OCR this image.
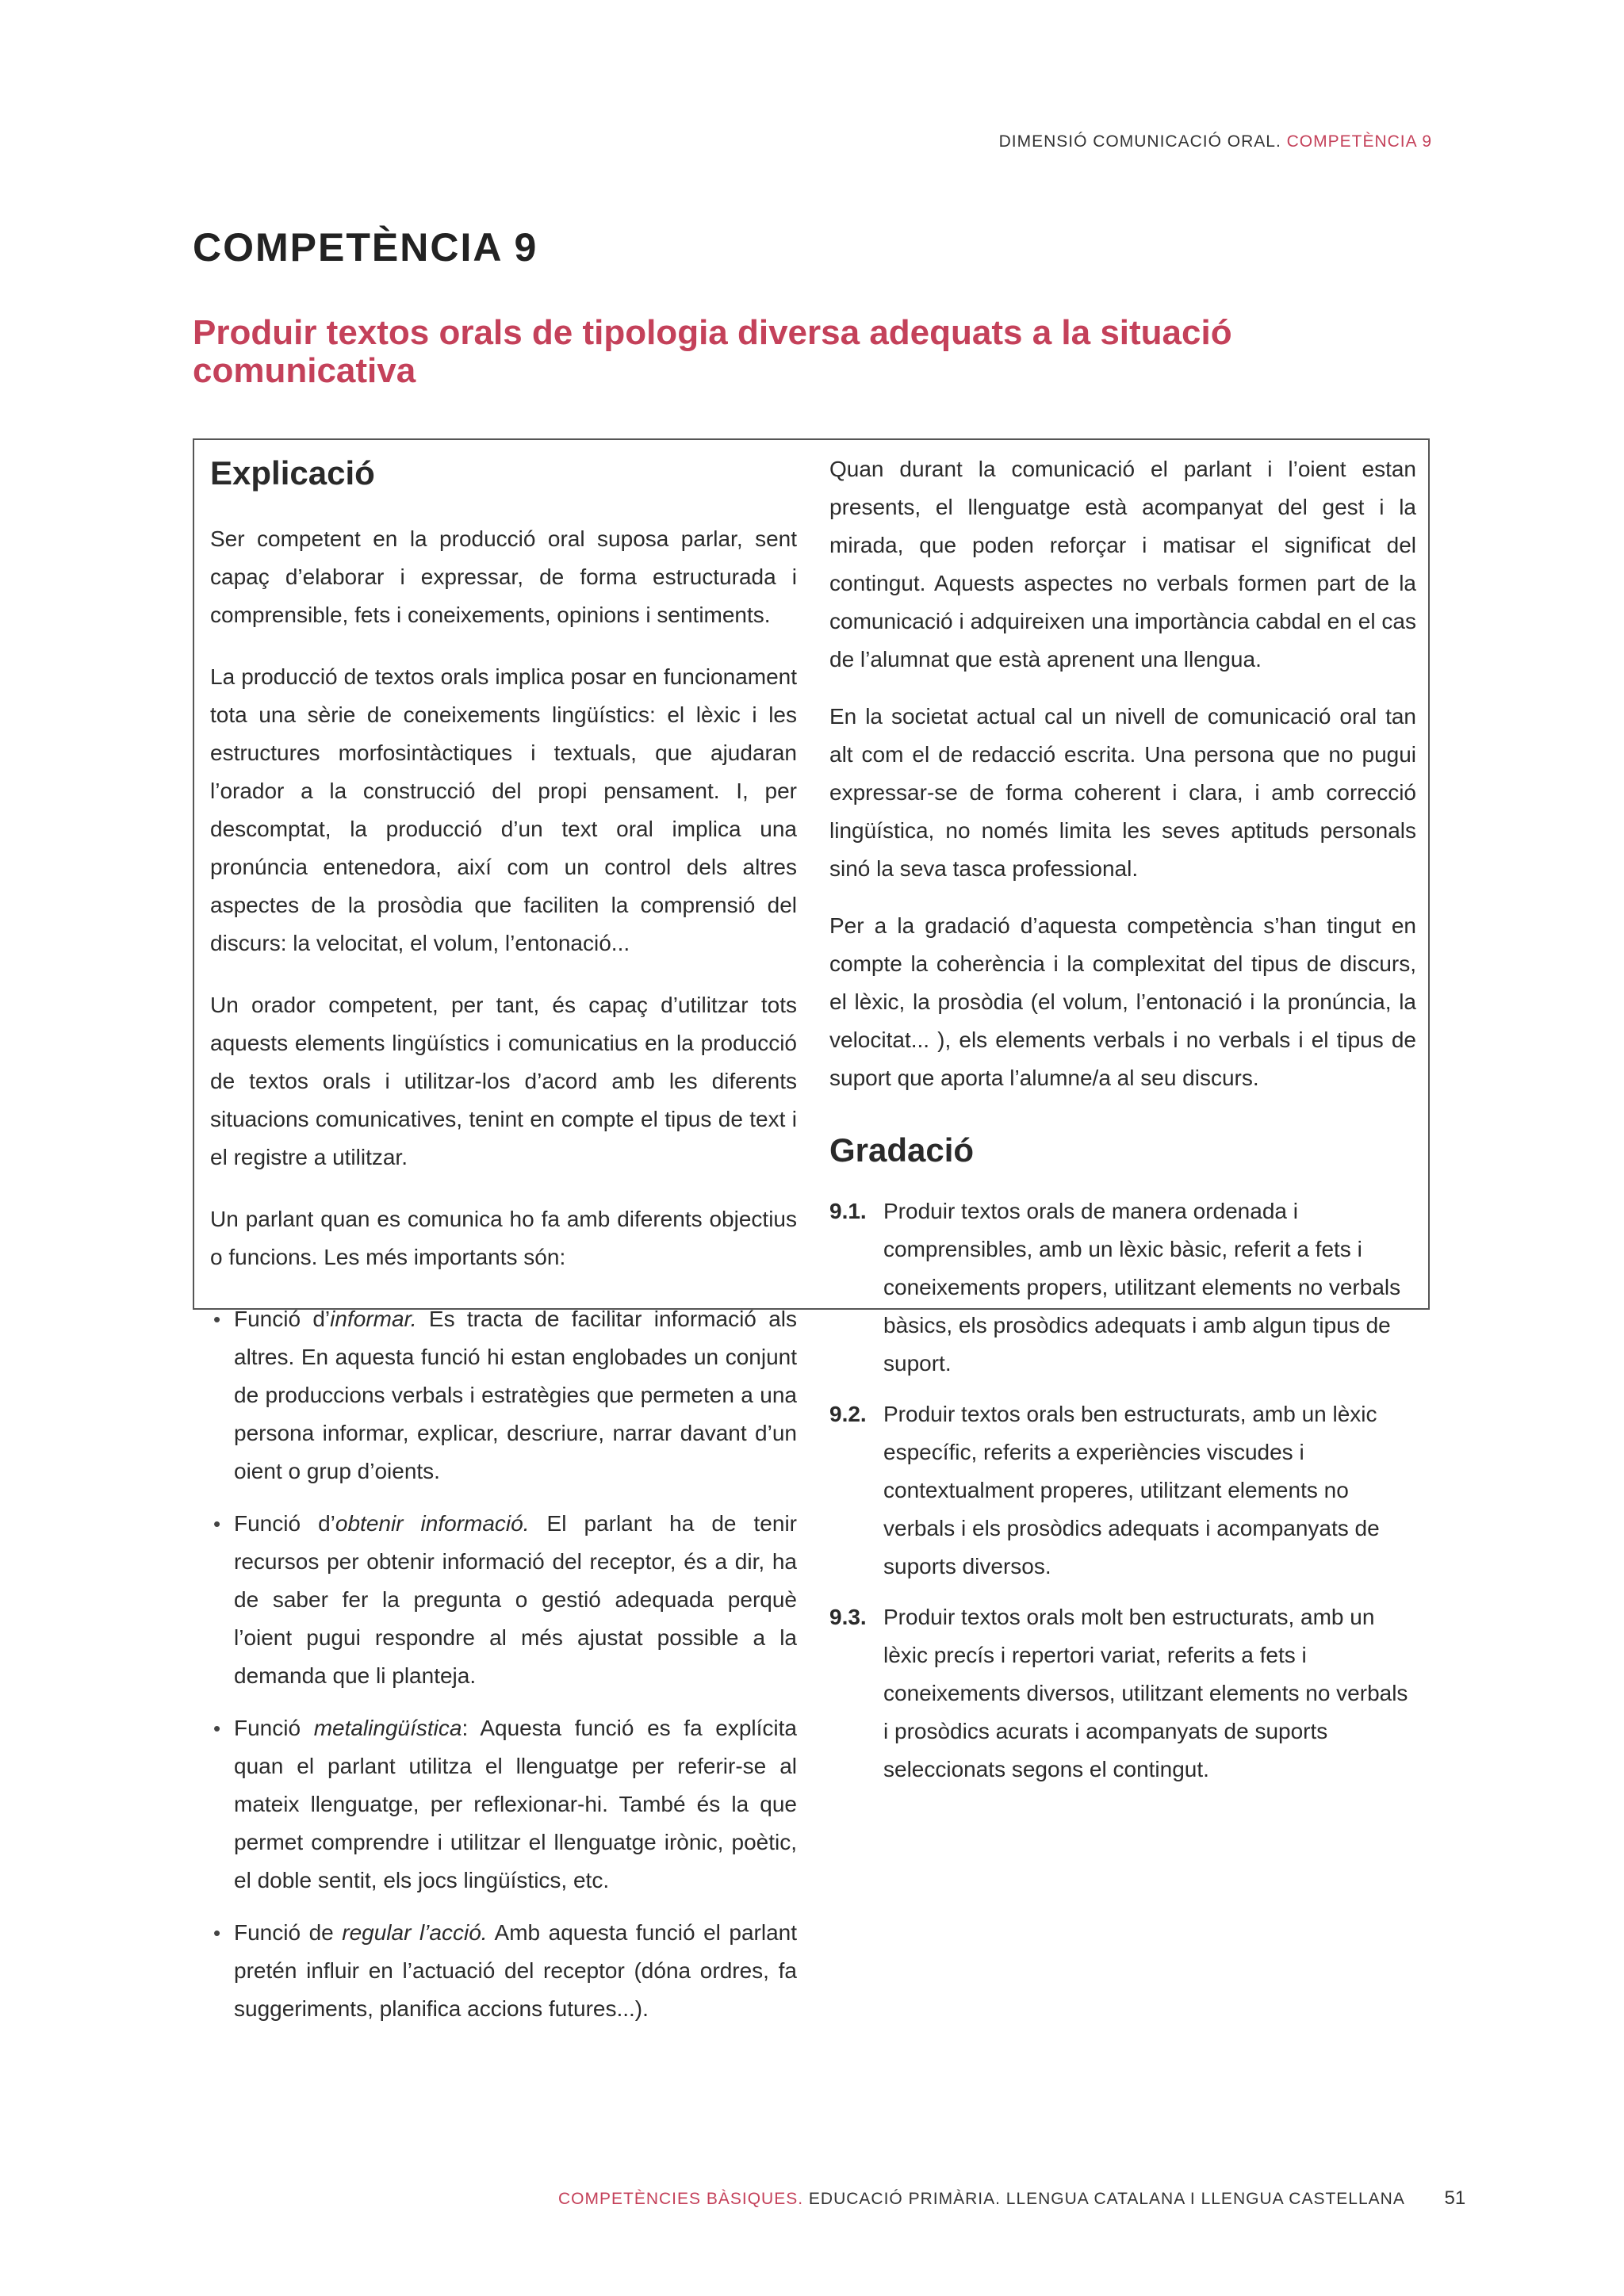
DIMENSIÓ COMUNICACIÓ ORAL. COMPETÈNCIA 9
COMPETÈNCIA 9
Produir textos orals de tipologia diversa adequats a la situació comunicativa
Explicació

Ser competent en la producció oral suposa parlar, sent capaç d’elaborar i expressar, de forma estructurada i comprensible, fets i coneixements, opinions i sentiments.

La producció de textos orals implica posar en funcionament tota una sèrie de coneixements lingüístics: el lèxic i les estructures morfosintàctiques i textuals, que ajudaran l’orador a la construcció del propi pensament. I, per descomptat, la producció d’un text oral implica una pronúncia entenedora, així com un control dels altres aspectes de la prosòdia que faciliten la comprensió del discurs: la velocitat, el volum, l’entonació...

Un orador competent, per tant, és capaç d’utilitzar tots aquests elements lingüístics i comunicatius en la producció de textos orals i utilitzar-los d’acord amb les diferents situacions comunicatives, tenint en compte el tipus de text i el registre a utilitzar.

Un parlant quan es comunica ho fa amb diferents objectius o funcions. Les més importants són:

• Funció d’informar. Es tracta de facilitar informació als altres. En aquesta funció hi estan englobades un conjunt de produccions verbals i estratègies que permeten a una persona informar, explicar, descriure, narrar davant d’un oient o grup d’oients.
• Funció d’obtenir informació. El parlant ha de tenir recursos per obtenir informació del receptor, és a dir, ha de saber fer la pregunta o gestió adequada perquè l’oient pugui respondre al més ajustat possible a la demanda que li planteja.
• Funció metalingüística: Aquesta funció es fa explícita quan el parlant utilitza el llenguatge per referir-se al mateix llenguatge, per reflexionar-hi. També és la que permet comprendre i utilitzar el llenguatge irònic, poètic, el doble sentit, els jocs lingüístics, etc.
• Funció de regular l’acció. Amb aquesta funció el parlant pretén influir en l’actuació del receptor (dóna ordres, fa suggeriments, planifica accions futures...).

Quan durant la comunicació el parlant i l’oient estan presents, el llenguatge està acompanyat del gest i la mirada, que poden reforçar i matisar el significat del contingut. Aquests aspectes no verbals formen part de la comunicació i adquireixen una importància cabdal en el cas de l’alumnat que està aprenent una llengua.

En la societat actual cal un nivell de comunicació oral tan alt com el de redacció escrita. Una persona que no pugui expressar-se de forma coherent i clara, i amb correcció lingüística, no només limita les seves aptituds personals sinó la seva tasca professional.

Per a la gradació d’aquesta competència s’han tingut en compte la coherència i la complexitat del tipus de discurs, el lèxic, la prosòdia (el volum, l’entonació i la pronúncia, la velocitat... ), els elements verbals i no verbals i el tipus de suport que aporta l’alumne/a al seu discurs.

Gradació
9.1. Produir textos orals de manera ordenada i comprensibles, amb un lèxic bàsic, referit a fets i coneixements propers, utilitzant elements no verbals bàsics, els prosòdics adequats i amb algun tipus de suport.
9.2. Produir textos orals ben estructurats, amb un lèxic específic, referits a experiències viscudes i contextualment properes, utilitzant elements no verbals i els prosòdics adequats i acompanyats de suports diversos.
9.3. Produir textos orals molt ben estructurats, amb un lèxic precís i repertori variat, referits a fets i coneixements diversos, utilitzant elements no verbals i prosòdics acurats i acompanyats de suports seleccionats segons el contingut.
COMPETÈNCIES BÀSIQUES. EDUCACIÓ PRIMÀRIA. LLENGUA CATALANA I LLENGUA CASTELLANA 51
